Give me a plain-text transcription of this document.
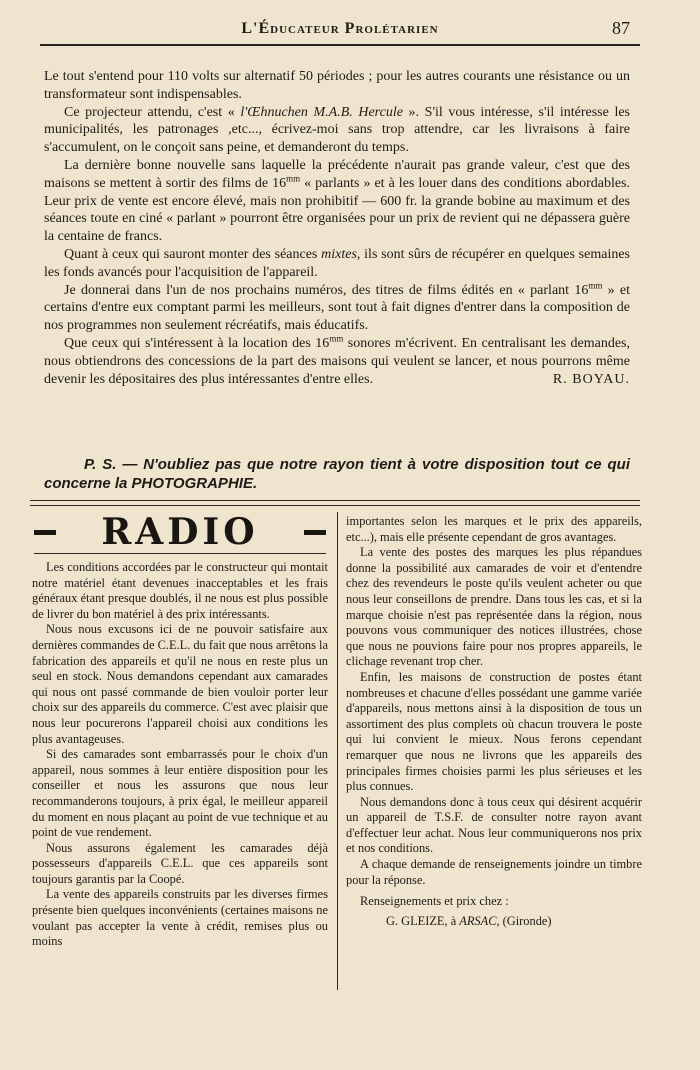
L'Éducateur Prolétarien	87

Le tout s'entend pour 110 volts sur alternatif 50 périodes ; pour les autres courants une résistance ou un transformateur sont indispensables.

Ce projecteur attendu, c'est « l'Œhnuchen M.A.B. Hercule ». S'il vous intéresse, s'il intéresse les municipalités, les patronages ,etc..., écrivez-moi sans trop attendre, car les livraisons à faire s'accumulent, on le conçoit sans peine, et demanderont du temps.

La dernière bonne nouvelle sans laquelle la précédente n'aurait pas grande valeur, c'est que des maisons se mettent à sortir des films de $16^{mm}$ « parlants » et à les louer dans des conditions abordables. Leur prix de vente est encore élevé, mais non prohibitif — 600 fr. la grande bobine au maximum et des séances toute en ciné « parlant » pourront être organisées pour un prix de revient qui ne dépassera guère la centaine de francs.

Quant à ceux qui sauront monter des séances mixtes, ils sont sûrs de récupérer en quelques semaines les fonds avancés pour l'acquisition de l'appareil.

Je donnerai dans l'un de nos prochains numéros, des titres de films édités en « parlant $16^{mm}$ » et certains d'entre eux comptant parmi les meilleurs, sont tout à fait dignes d'entrer dans la composition de nos programmes non seulement récréatifs, mais éducatifs.

Que ceux qui s'intéressent à la location des $16^{mm}$ sonores m'écrivent. En centralisant les demandes, nous obtiendrons des concessions de la part des maisons qui veulent se lancer, et nous pourrons même devenir les dépositaires des plus intéressantes d'entre elles.	R. BOYAU.

P. S. — N'oubliez pas que notre rayon tient à votre disposition tout ce qui concerne la PHOTOGRAPHIE.

RADIO

Les conditions accordées par le constructeur qui montait notre matériel étant devenues inacceptables et les frais généraux étant presque doublés, il ne nous est plus possible de livrer du bon matériel à des prix intéressants.

Nous nous excusons ici de ne pouvoir satisfaire aux dernières commandes de C.E.L. du fait que nous arrêtons la fabrication des appareils et qu'il ne nous en reste plus un seul en stock. Nous demandons cependant aux camarades qui nous ont passé commande de bien vouloir porter leur choix sur des appareils du commerce. C'est avec plaisir que nous leur pocurerons l'appareil choisi aux conditions les plus avantageuses.

Si des camarades sont embarrassés pour le choix d'un appareil, nous sommes à leur entière disposition pour les conseiller et nous les assurons que nous leur recommanderons toujours, à prix égal, le meilleur appareil du moment en nous plaçant au point de vue technique et au point de vue rendement.

Nous assurons également les camarades déjà possesseurs d'appareils C.E.L. que ces appareils sont toujours garantis par la Coopé.

La vente des appareils construits par les diverses firmes présente bien quelques inconvénients (certaines maisons ne voulant pas accepter la vente à crédit, remises plus ou moins

importantes selon les marques et le prix des appareils, etc...), mais elle présente cependant de gros avantages.

La vente des postes des marques les plus répandues donne la possibilité aux camarades de voir et d'entendre chez des revendeurs le poste qu'ils veulent acheter ou que nous leur conseillons de prendre. Dans tous les cas, et si la marque choisie n'est pas représentée dans la région, nous pouvons vous communiquer des notices illustrées, chose que nous ne pouvions faire pour nos propres appareils, le clichage revenant trop cher.

Enfin, les maisons de construction de postes étant nombreuses et chacune d'elles possédant une gamme variée d'appareils, nous mettons ainsi à la disposition de tous un assortiment des plus complets où chacun trouvera le poste qui lui convient le mieux. Nous ferons cependant remarquer que nous ne livrons que les appareils des principales firmes choisies parmi les plus sérieuses et les plus connues.

Nous demandons donc à tous ceux qui désirent acquérir un appareil de T.S.F. de consulter notre rayon avant d'effectuer leur achat. Nous leur communiquerons nos prix et nos conditions.

A chaque demande de renseignements joindre un timbre pour la réponse.

Renseignements et prix chez :

G. GLEIZE, à ARSAC, (Gironde)
